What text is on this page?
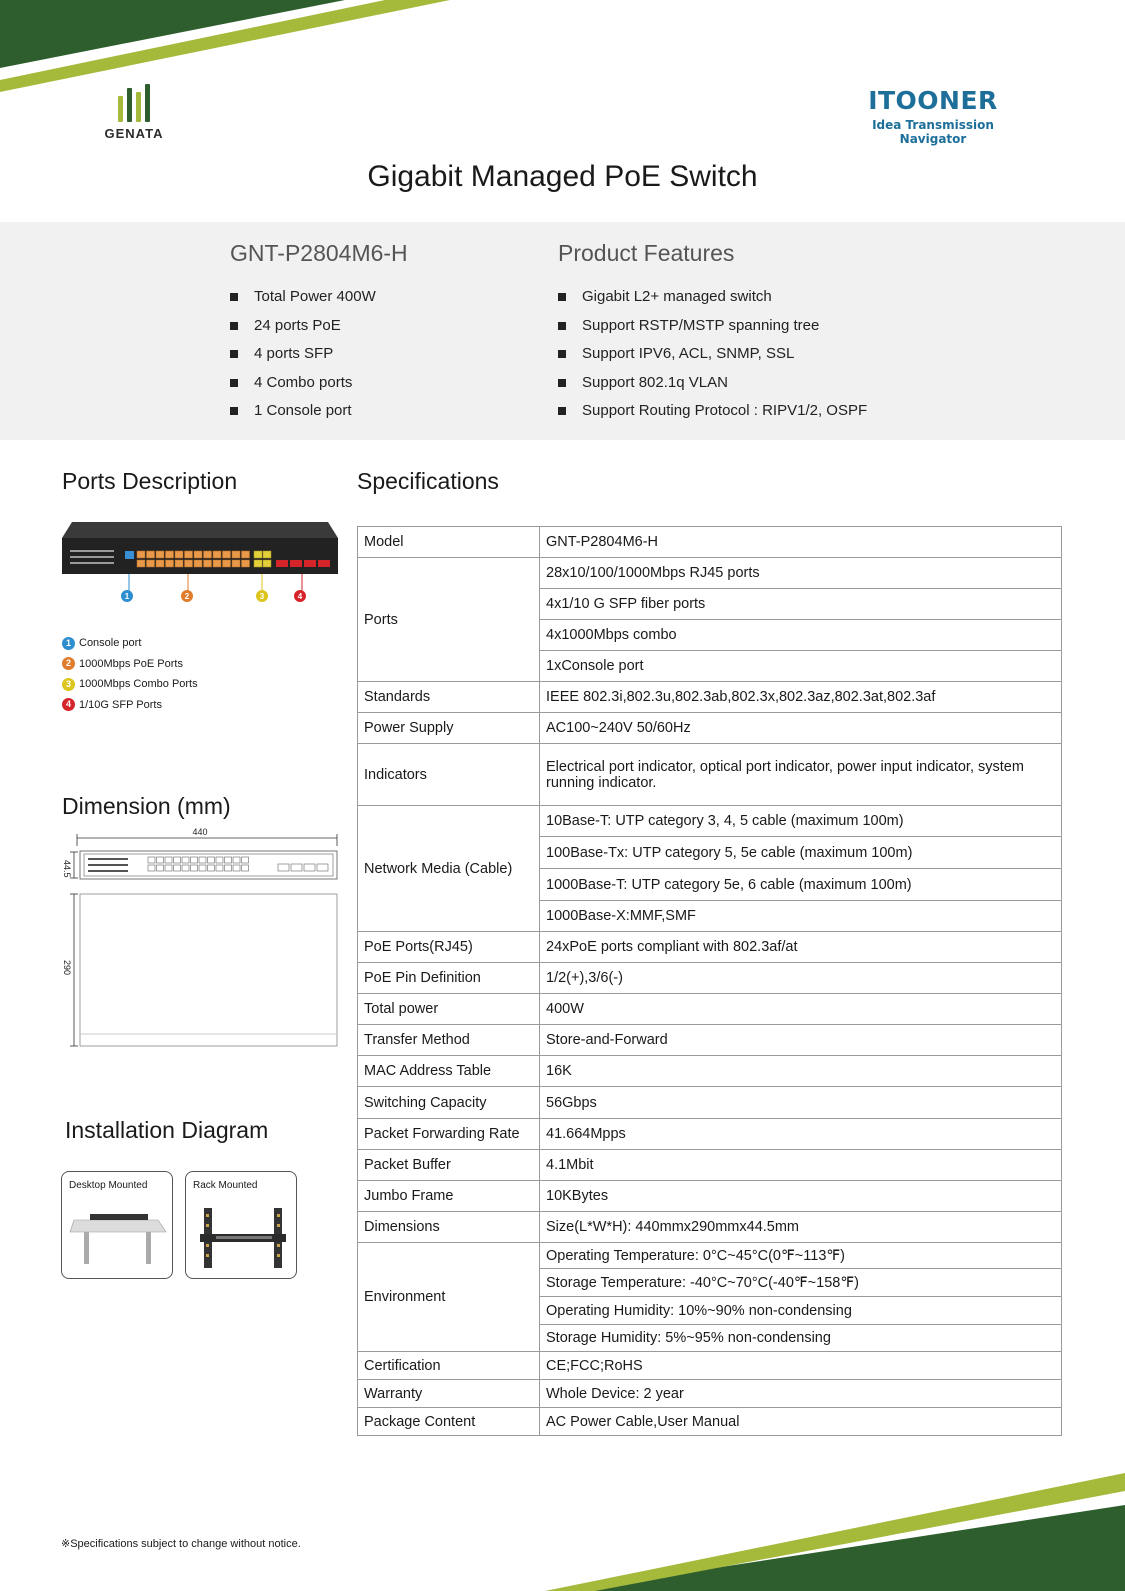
GENATA
ITOONER
Idea Transmission Navigator
Gigabit Managed PoE Switch
GNT-P2804M6-H
Total Power 400W
24 ports PoE
4 ports SFP
4 Combo ports
1 Console port
Product Features
Gigabit L2+ managed switch
Support RSTP/MSTP spanning tree
Support IPV6, ACL, SNMP, SSL
Support 802.1q VLAN
Support Routing Protocol : RIPV1/2, OSPF
Ports Description
1	2	3	4
1 Console port
2 1000Mbps PoE Ports
3 1000Mbps Combo Ports
4 1/10G SFP Ports
Dimension (mm)
440
44.5
290
Installation Diagram
Desktop Mounted	Rack Mounted
Specifications
Model	GNT-P2804M6-H
Ports	28x10/100/1000Mbps RJ45 ports
	4x1/10 G SFP fiber ports
	4x1000Mbps combo
	1xConsole port
Standards	IEEE 802.3i,802.3u,802.3ab,802.3x,802.3az,802.3at,802.3af
Power Supply	AC100~240V 50/60Hz
Indicators	Electrical port indicator, optical port indicator, power input indicator, system running indicator.
Network Media (Cable)	10Base-T: UTP category 3, 4, 5 cable (maximum 100m)
	100Base-Tx: UTP category 5, 5e cable (maximum 100m)
	1000Base-T: UTP category 5e, 6 cable (maximum 100m)
	1000Base-X:MMF,SMF
PoE Ports(RJ45)	24xPoE ports compliant with 802.3af/at
PoE Pin Definition	1/2(+),3/6(-)
Total power	400W
Transfer Method	Store-and-Forward
MAC Address Table	16K
Switching Capacity	56Gbps
Packet Forwarding Rate	41.664Mpps
Packet Buffer	4.1Mbit
Jumbo Frame	10KBytes
Dimensions	Size(L*W*H): 440mmx290mmx44.5mm
Environment	Operating Temperature: 0°C~45°C(0℉~113℉)
	Storage Temperature: -40°C~70°C(-40℉~158℉)
	Operating Humidity: 10%~90% non-condensing
	Storage Humidity: 5%~95% non-condensing
Certification	CE;FCC;RoHS
Warranty	Whole Device: 2 year
Package Content	AC Power Cable,User Manual
※Specifications subject to change without notice.
